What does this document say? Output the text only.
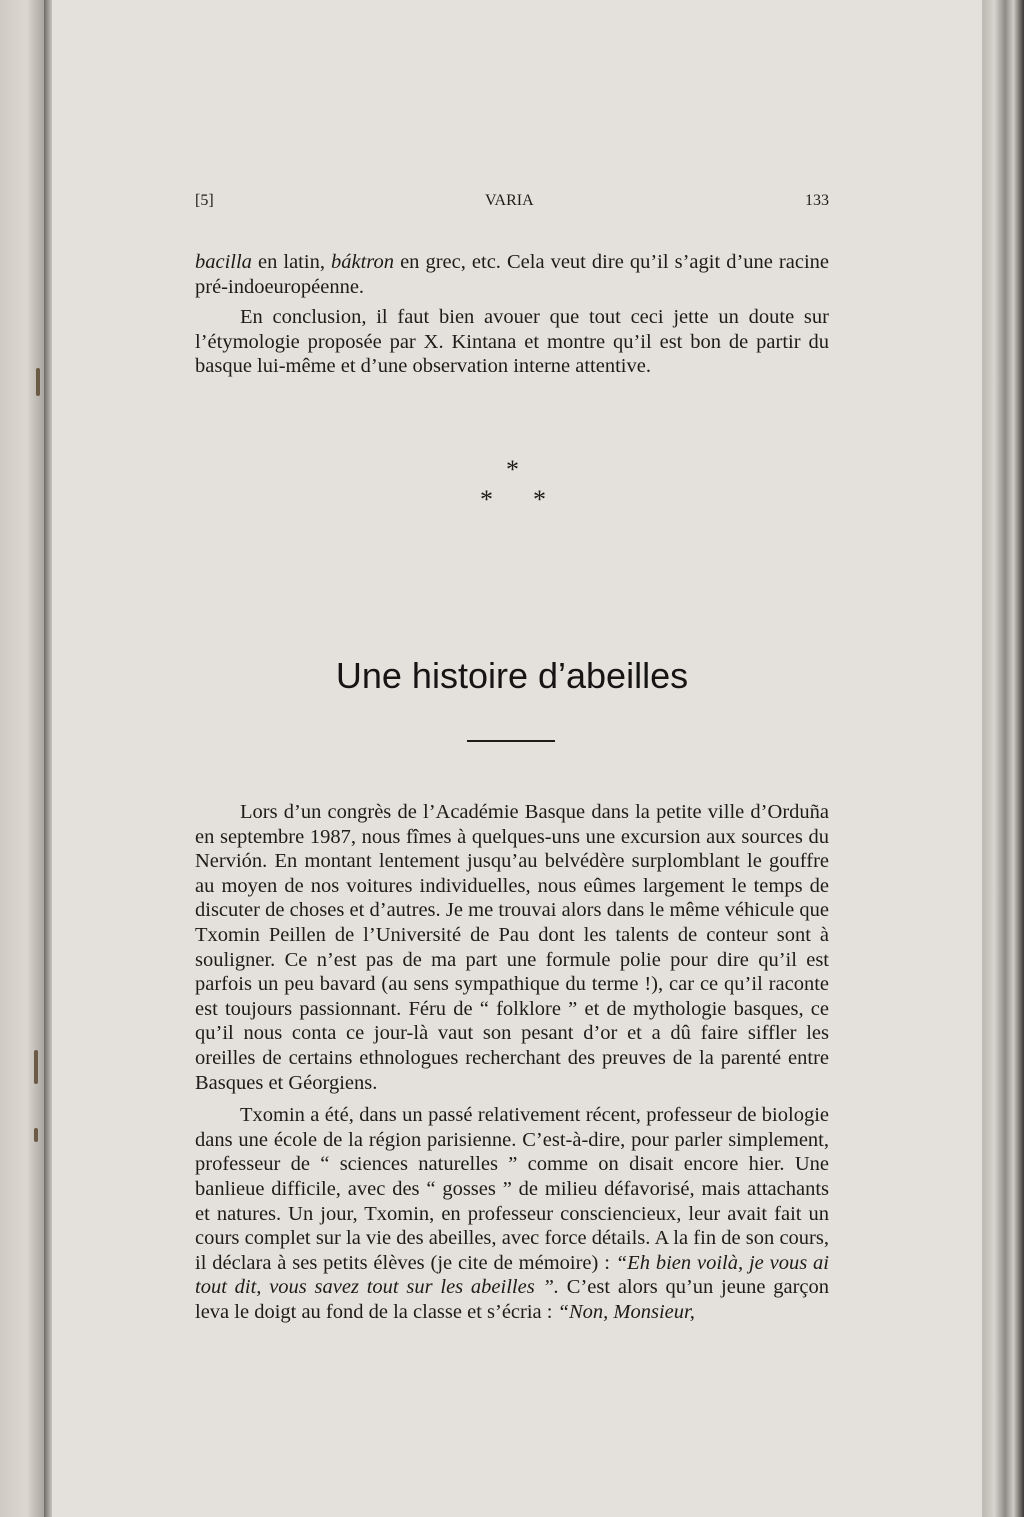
[5]	VARIA	133

bacilla en latin, báktron en grec, etc. Cela veut dire qu’il s’agit d’une racine pré-indoeuropéenne.

En conclusion, il faut bien avouer que tout ceci jette un doute sur l’étymologie proposée par X. Kintana et montre qu’il est bon de partir du basque lui-même et d’une observation interne attentive.

*
* *
Une histoire d’abeilles

Lors d’un congrès de l’Académie Basque dans la petite ville d’Orduña en septembre 1987, nous fîmes à quelques-uns une excursion aux sources du Nervión. En montant lentement jusqu’au belvédère surplomblant le gouffre au moyen de nos voitures individuelles, nous eûmes largement le temps de discuter de choses et d’autres. Je me trouvai alors dans le même véhicule que Txomin Peillen de l’Université de Pau dont les talents de conteur sont à souligner. Ce n’est pas de ma part une formule polie pour dire qu’il est parfois un peu bavard (au sens sympathique du terme !), car ce qu’il raconte est toujours passionnant. Féru de “ folklore ” et de mythologie basques, ce qu’il nous conta ce jour-là vaut son pesant d’or et a dû faire siffler les oreilles de certains ethnologues recherchant des preuves de la parenté entre Basques et Géorgiens.

Txomin a été, dans un passé relativement récent, professeur de biologie dans une école de la région parisienne. C’est-à-dire, pour parler simplement, professeur de “ sciences naturelles ” comme on disait encore hier. Une banlieue difficile, avec des “ gosses ” de milieu défavorisé, mais attachants et natures. Un jour, Txomin, en professeur consciencieux, leur avait fait un cours complet sur la vie des abeilles, avec force détails. A la fin de son cours, il déclara à ses petits élèves (je cite de mémoire) : “Eh bien voilà, je vous ai tout dit, vous savez tout sur les abeilles ”. C’est alors qu’un jeune garçon leva le doigt au fond de la classe et s’écria : “Non, Monsieur,
